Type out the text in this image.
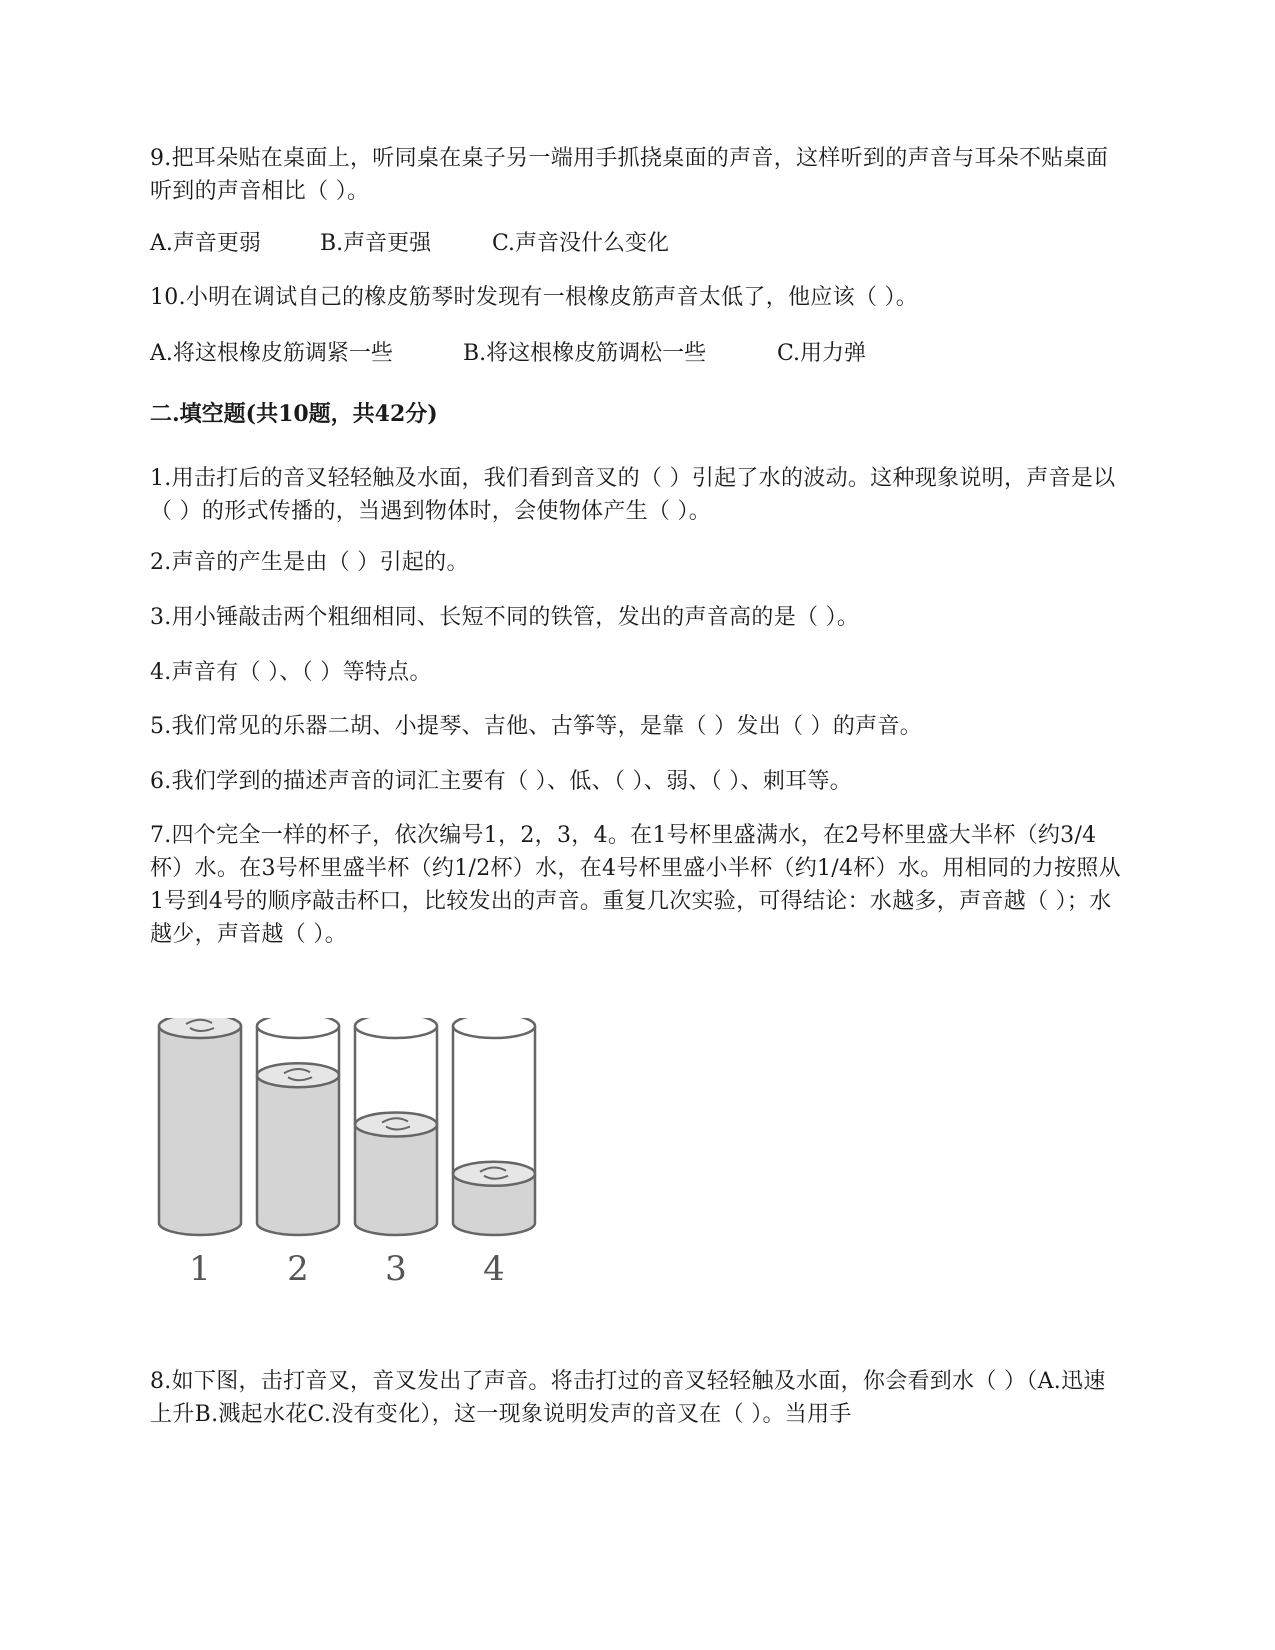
9.把耳朵贴在桌面上，听同桌在桌子另一端用手抓挠桌面的声音，这样听到的声音与耳朵不贴桌面听到的声音相比（ ）。

A.声音更弱	B.声音更强	C.声音没什么变化

10.小明在调试自己的橡皮筋琴时发现有一根橡皮筋声音太低了，他应该（ ）。

A.将这根橡皮筋调紧一些	B.将这根橡皮筋调松一些	C.用力弹
二.填空题(共10题，共42分)

1.用击打后的音叉轻轻触及水面，我们看到音叉的（ ）引起了水的波动。这种现象说明，声音是以（ ）的形式传播的，当遇到物体时，会使物体产生（ ）。

2.声音的产生是由（ ）引起的。

3.用小锤敲击两个粗细相同、长短不同的铁管，发出的声音高的是（ ）。

4.声音有（ ）、（ ）等特点。

5.我们常见的乐器二胡、小提琴、吉他、古筝等，是靠（ ）发出（ ）的声音。

6.我们学到的描述声音的词汇主要有（ ）、低、（ ）、弱、（ ）、刺耳等。

7.四个完全一样的杯子，依次编号1，2，3，4。在1号杯里盛满水，在2号杯里盛大半杯（约3/4杯）水。在3号杯里盛半杯（约1/2杯）水，在4号杯里盛小半杯（约1/4杯）水。用相同的力按照从1号到4号的顺序敲击杯口，比较发出的声音。重复几次实验，可得结论：水越多，声音越（ ）；水越少，声音越（ ）。

1 2 3 4

8.如下图，击打音叉，音叉发出了声音。将击打过的音叉轻轻触及水面，你会看到水（ ）（A.迅速上升B.溅起水花C.没有变化），这一现象说明发声的音叉在（ ）。当用手
